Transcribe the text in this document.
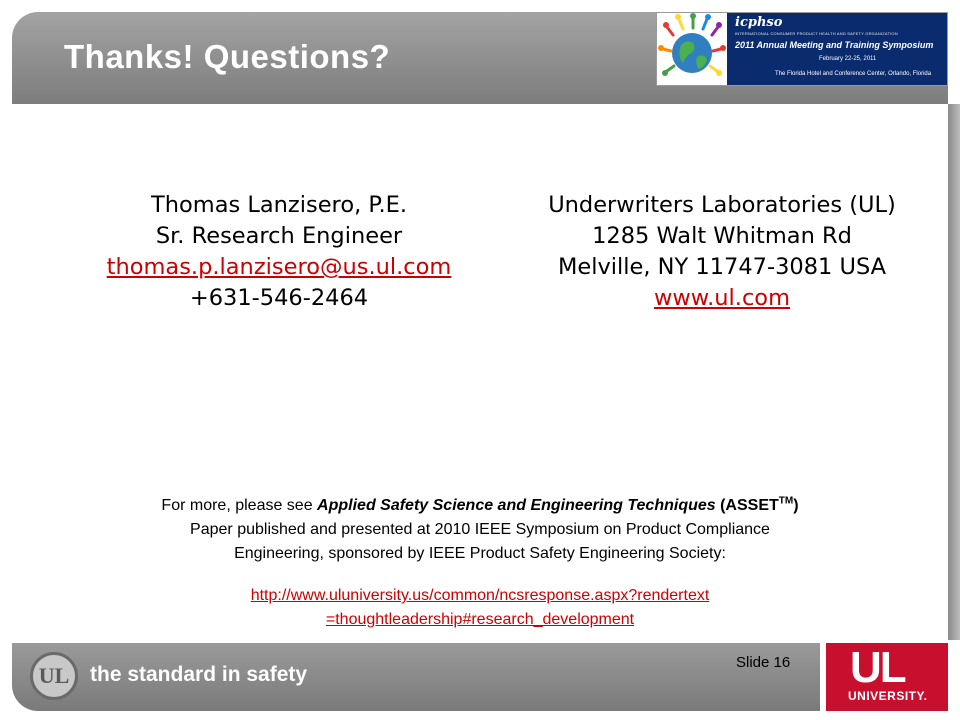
Thanks! Questions?
icphso
INTERNATIONAL CONSUMER PRODUCT HEALTH AND SAFETY ORGANIZATION
2011 Annual Meeting and Training Symposium
February 22-25, 2011
The Florida Hotel and Conference Center, Orlando, Florida
Thomas Lanzisero, P.E.
Sr. Research Engineer
thomas.p.lanzisero@us.ul.com
+631-546-2464
Underwriters Laboratories (UL)
1285 Walt Whitman Rd
Melville, NY 11747-3081 USA
www.ul.com
For more, please see Applied Safety Science and Engineering Techniques (ASSET™)
Paper published and presented at 2010 IEEE Symposium on Product Compliance
Engineering, sponsored by IEEE Product Safety Engineering Society:
http://www.uluniversity.us/common/ncsresponse.aspx?rendertext
=thoughtleadership#research_development
UL the standard in safety
Slide 16 UL
UNIVERSITY.
